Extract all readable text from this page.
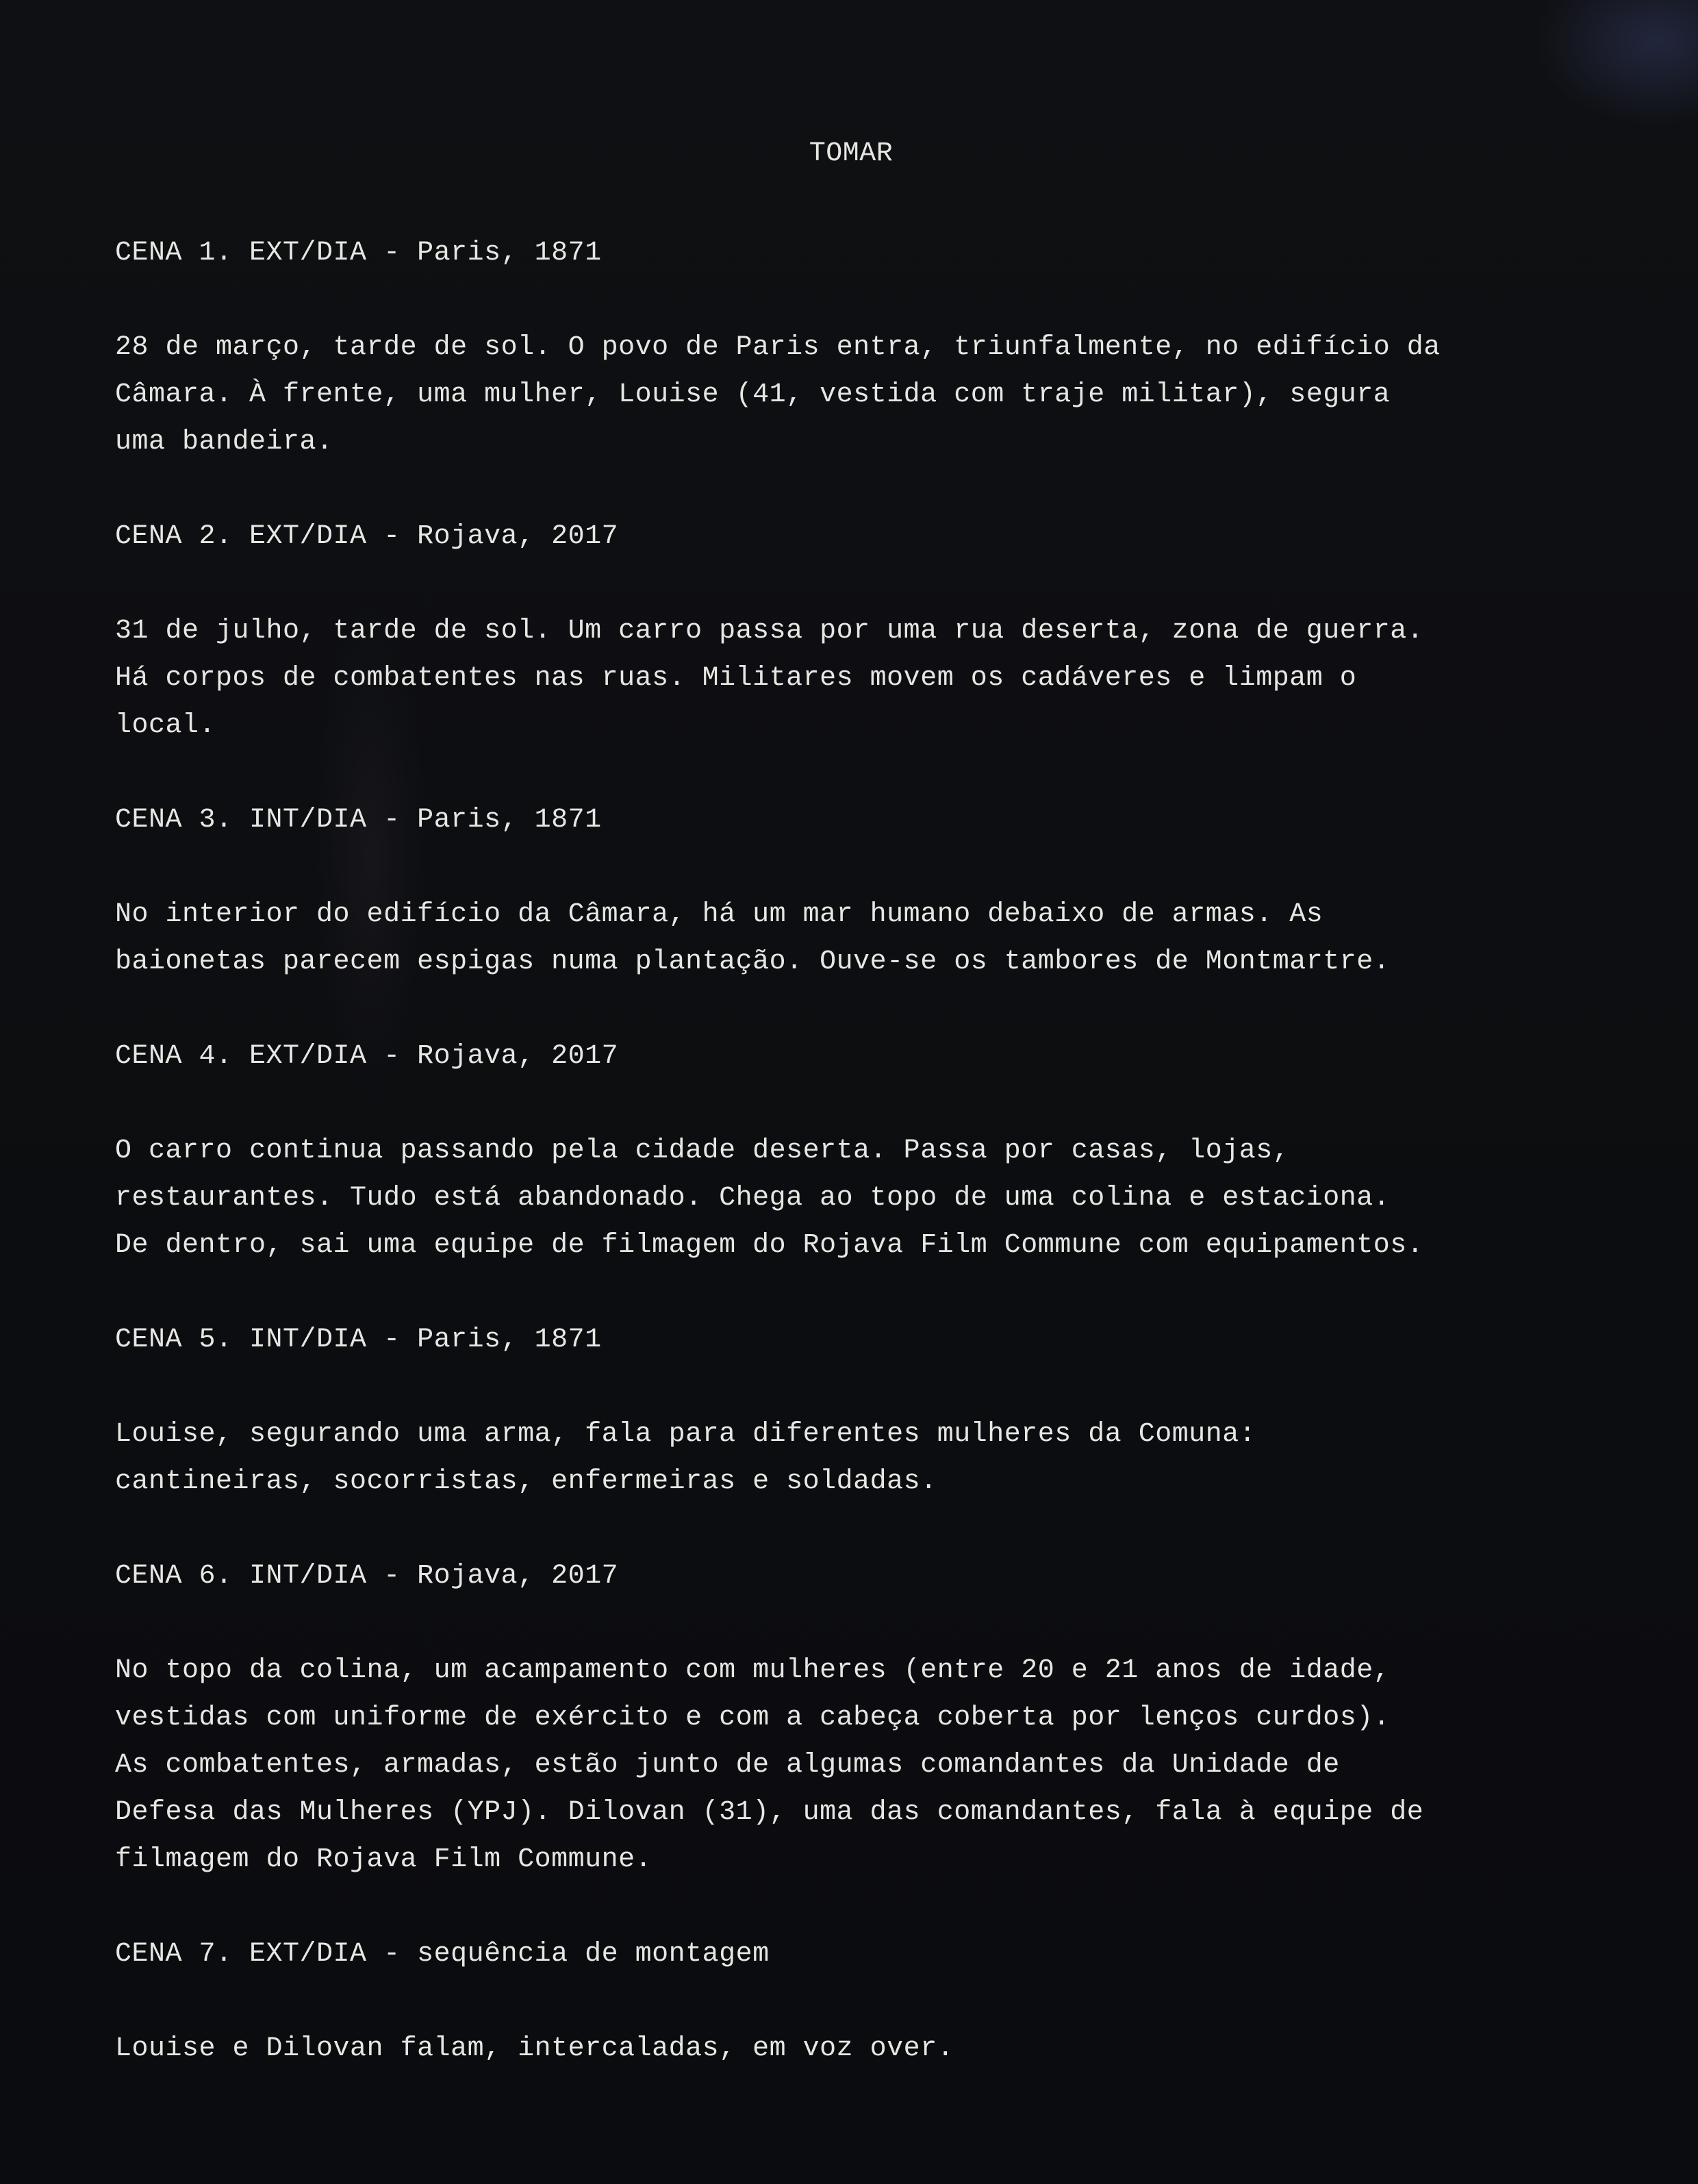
TOMAR
CENA 1. EXT/DIA - Paris, 1871
28 de março, tarde de sol. O povo de Paris entra, triunfalmente, no edifício da
Câmara. À frente, uma mulher, Louise (41, vestida com traje militar), segura
uma bandeira.
CENA 2. EXT/DIA - Rojava, 2017
31 de julho, tarde de sol. Um carro passa por uma rua deserta, zona de guerra.
Há corpos de combatentes nas ruas. Militares movem os cadáveres e limpam o
local.
CENA 3. INT/DIA - Paris, 1871
No interior do edifício da Câmara, há um mar humano debaixo de armas. As
baionetas parecem espigas numa plantação. Ouve-se os tambores de Montmartre.
CENA 4. EXT/DIA - Rojava, 2017
O carro continua passando pela cidade deserta. Passa por casas, lojas,
restaurantes. Tudo está abandonado. Chega ao topo de uma colina e estaciona.
De dentro, sai uma equipe de filmagem do Rojava Film Commune com equipamentos.
CENA 5. INT/DIA - Paris, 1871
Louise, segurando uma arma, fala para diferentes mulheres da Comuna:
cantineiras, socorristas, enfermeiras e soldadas.
CENA 6. INT/DIA - Rojava, 2017
No topo da colina, um acampamento com mulheres (entre 20 e 21 anos de idade,
vestidas com uniforme de exército e com a cabeça coberta por lenços curdos).
As combatentes, armadas, estão junto de algumas comandantes da Unidade de
Defesa das Mulheres (YPJ). Dilovan (31), uma das comandantes, fala à equipe de
filmagem do Rojava Film Commune.
CENA 7. EXT/DIA - sequência de montagem
Louise e Dilovan falam, intercaladas, em voz over.
